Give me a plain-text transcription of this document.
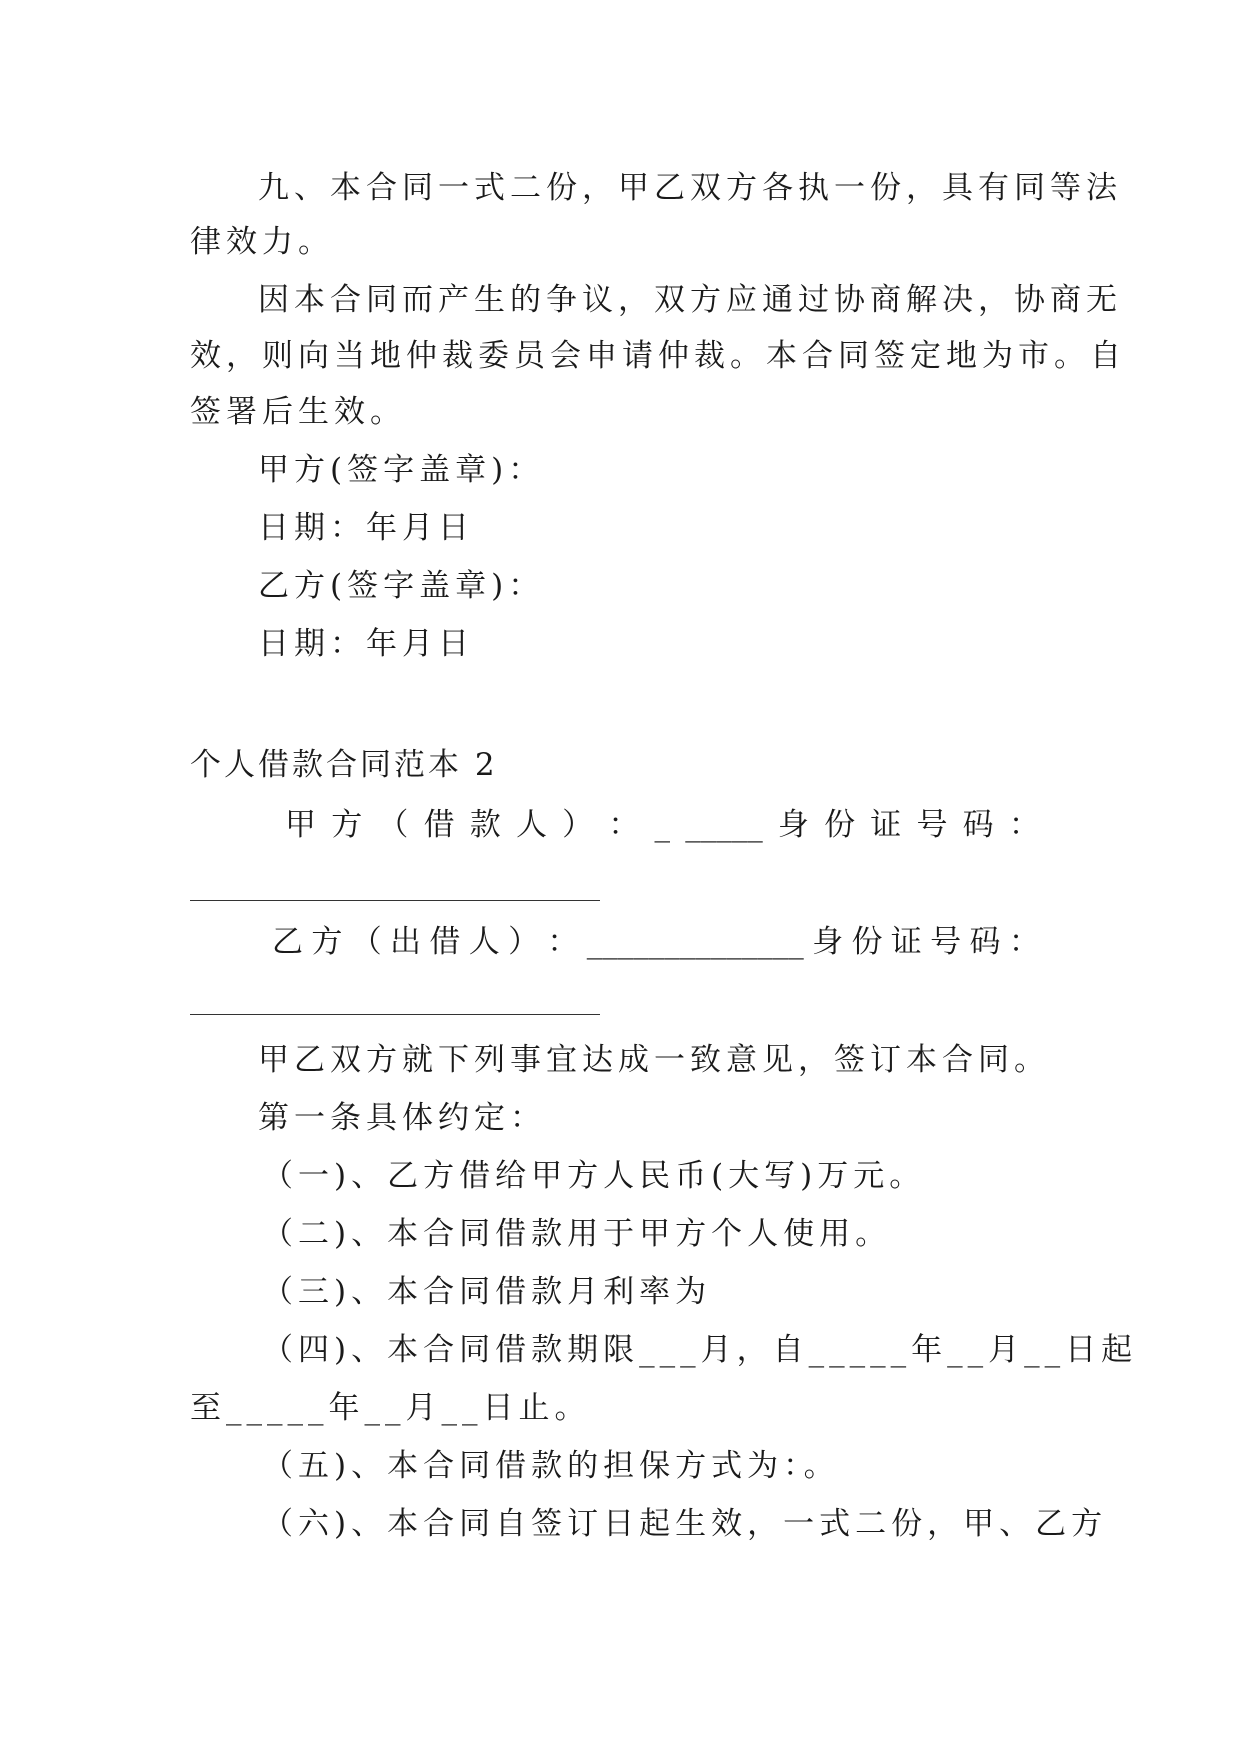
九、本合同一式二份，甲乙双方各执一份，具有同等法
律效力。
因本合同而产生的争议，双方应通过协商解决，协商无
效，则向当地仲裁委员会申请仲裁。本合同签定地为市。自
签署后生效。
甲方(签字盖章)：
日期：年月日
乙方(签字盖章)：
日期：年月日
个人借款合同范本 2
甲 方 （ 借 款 人 ） ： _ _____ 身 份 证 号 码 ：
乙 方 （ 出 借 人 ） ： ______________ 身 份 证 号 码 ：
甲乙双方就下列事宜达成一致意见，签订本合同。
第一条具体约定：
（一)、乙方借给甲方人民币(大写)万元。
（二)、本合同借款用于甲方个人使用。
（三)、本合同借款月利率为
（四)、本合同借款期限___月，自_____年__月__日起
至_____年__月__日止。
（五)、本合同借款的担保方式为：。
（六)、本合同自签订日起生效，一式二份，甲、乙方
